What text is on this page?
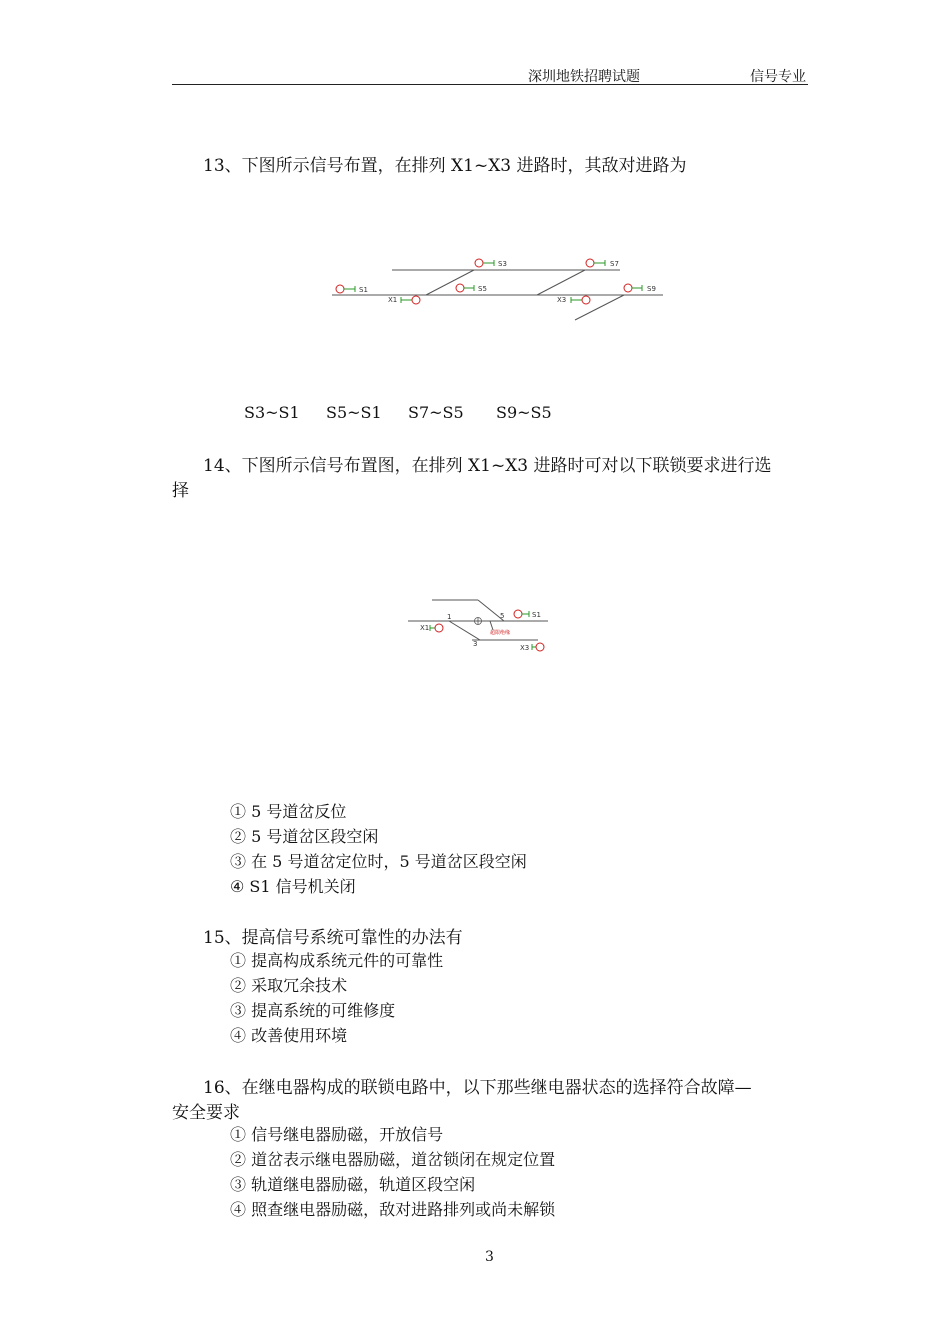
深圳地铁招聘试题	信号专业
13、下图所示信号布置，在排列 X1~X3 进路时，其敌对进路为
S3	S7
S1	S5	S9
X1	X3
S3~S1 S5~S1 S7~S5 S9~S5
14、下图所示信号布置图，在排列 X1~X3 进路时可对以下联锁要求进行选
择
1	5
超限绝缘
3
S1
X1
X3
① 5 号道岔反位
② 5 号道岔区段空闲
③ 在 5 号道岔定位时，5 号道岔区段空闲
④ S1 信号机关闭
15、提高信号系统可靠性的办法有
① 提高构成系统元件的可靠性
② 采取冗余技术
③ 提高系统的可维修度
④ 改善使用环境
16、在继电器构成的联锁电路中，以下那些继电器状态的选择符合故障—
安全要求
① 信号继电器励磁，开放信号
② 道岔表示继电器励磁，道岔锁闭在规定位置
③ 轨道继电器励磁，轨道区段空闲
④ 照查继电器励磁，敌对进路排列或尚未解锁
3
